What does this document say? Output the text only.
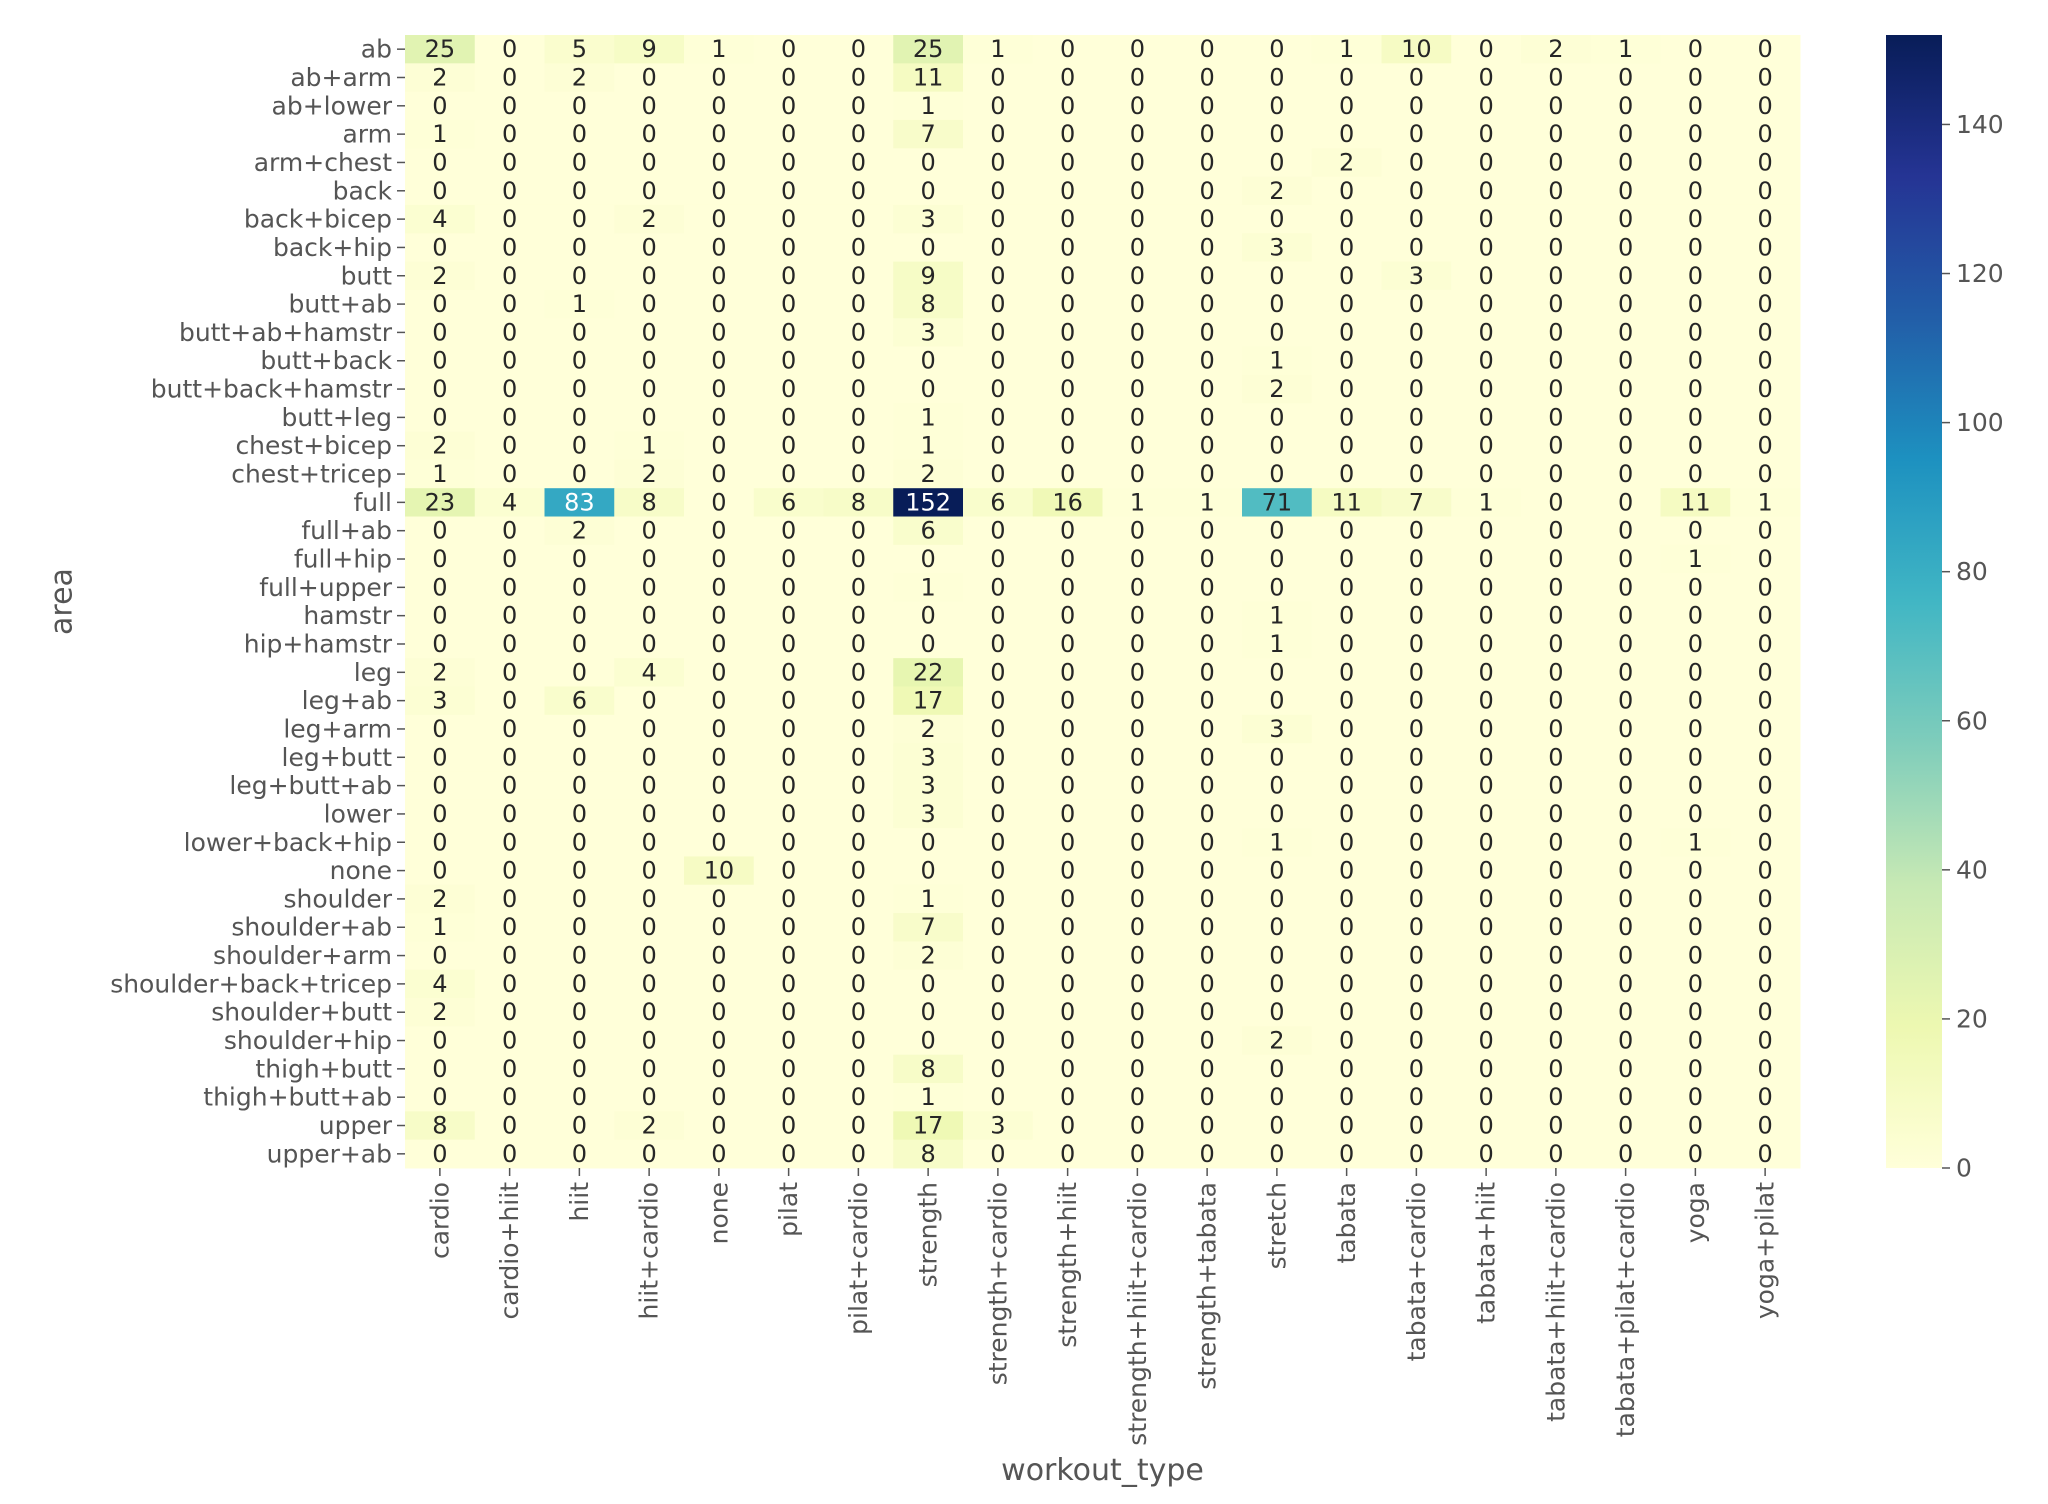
25 0 5 9 1 0 0 25 1 0 0 0 0 1 10 0 2 1 0 0
2 0 2 0 0 0 0 11 0 0 0 0 0 0 0 0 0 0 0 0
0 0 0 0 0 0 0 1 0 0 0 0 0 0 0 0 0 0 0 0
1 0 0 0 0 0 0 7 0 0 0 0 0 0 0 0 0 0 0 0
0 0 0 0 0 0 0 0 0 0 0 0 0 2 0 0 0 0 0 0
0 0 0 0 0 0 0 0 0 0 0 0 2 0 0 0 0 0 0 0
4 0 0 2 0 0 0 3 0 0 0 0 0 0 0 0 0 0 0 0
0 0 0 0 0 0 0 0 0 0 0 0 3 0 0 0 0 0 0 0
2 0 0 0 0 0 0 9 0 0 0 0 0 0 3 0 0 0 0 0
0 0 1 0 0 0 0 8 0 0 0 0 0 0 0 0 0 0 0 0
0 0 0 0 0 0 0 3 0 0 0 0 0 0 0 0 0 0 0 0
0 0 0 0 0 0 0 0 0 0 0 0 1 0 0 0 0 0 0 0
0 0 0 0 0 0 0 0 0 0 0 0 2 0 0 0 0 0 0 0
0 0 0 0 0 0 0 1 0 0 0 0 0 0 0 0 0 0 0 0
2 0 0 1 0 0 0 1 0 0 0 0 0 0 0 0 0 0 0 0
1 0 0 2 0 0 0 2 0 0 0 0 0 0 0 0 0 0 0 0
23 4 83 8 0 6 8 152 6 16 1 1 71 11 7 1 0 0 11 1
0 0 2 0 0 0 0 6 0 0 0 0 0 0 0 0 0 0 0 0
0 0 0 0 0 0 0 0 0 0 0 0 0 0 0 0 0 0 1 0
0 0 0 0 0 0 0 1 0 0 0 0 0 0 0 0 0 0 0 0
0 0 0 0 0 0 0 0 0 0 0 0 1 0 0 0 0 0 0 0
0 0 0 0 0 0 0 0 0 0 0 0 1 0 0 0 0 0 0 0
2 0 0 4 0 0 0 22 0 0 0 0 0 0 0 0 0 0 0 0
3 0 6 0 0 0 0 17 0 0 0 0 0 0 0 0 0 0 0 0
0 0 0 0 0 0 0 2 0 0 0 0 3 0 0 0 0 0 0 0
0 0 0 0 0 0 0 3 0 0 0 0 0 0 0 0 0 0 0 0
0 0 0 0 0 0 0 3 0 0 0 0 0 0 0 0 0 0 0 0
0 0 0 0 0 0 0 3 0 0 0 0 0 0 0 0 0 0 0 0
0 0 0 0 0 0 0 0 0 0 0 0 1 0 0 0 0 0 1 0
0 0 0 0 10 0 0 0 0 0 0 0 0 0 0 0 0 0 0 0
2 0 0 0 0 0 0 1 0 0 0 0 0 0 0 0 0 0 0 0
1 0 0 0 0 0 0 7 0 0 0 0 0 0 0 0 0 0 0 0
0 0 0 0 0 0 0 2 0 0 0 0 0 0 0 0 0 0 0 0
4 0 0 0 0 0 0 0 0 0 0 0 0 0 0 0 0 0 0 0
2 0 0 0 0 0 0 0 0 0 0 0 0 0 0 0 0 0 0 0
0 0 0 0 0 0 0 0 0 0 0 0 2 0 0 0 0 0 0 0
0 0 0 0 0 0 0 8 0 0 0 0 0 0 0 0 0 0 0 0
0 0 0 0 0 0 0 1 0 0 0 0 0 0 0 0 0 0 0 0
8 0 0 2 0 0 0 17 3 0 0 0 0 0 0 0 0 0 0 0
0 0 0 0 0 0 0 8 0 0 0 0 0 0 0 0 0 0 0 0
ab
ab+arm
ab+lower
arm
arm+chest
back
back+bicep
back+hip
butt
butt+ab
butt+ab+hamstr
butt+back
butt+back+hamstr
butt+leg
chest+bicep
chest+tricep
full
full+ab
full+hip
full+upper
hamstr
hip+hamstr
leg
leg+ab
leg+arm
leg+butt
leg+butt+ab
lower
lower+back+hip
none
shoulder
shoulder+ab
shoulder+arm
shoulder+back+tricep
shoulder+butt
shoulder+hip
thigh+butt
thigh+butt+ab
upper
upper+ab
cardio cardio+hiit hiit hiit+cardio none pilat pilat+cardio strength strength+cardio strength+hiit strength+hiit+cardio strength+tabata stretch tabata tabata+cardio tabata+hiit tabata+hiit+cardio tabata+pilat+cardio yoga yoga+pilat
workout_type
area
0
20
40
60
80
100
120
140
